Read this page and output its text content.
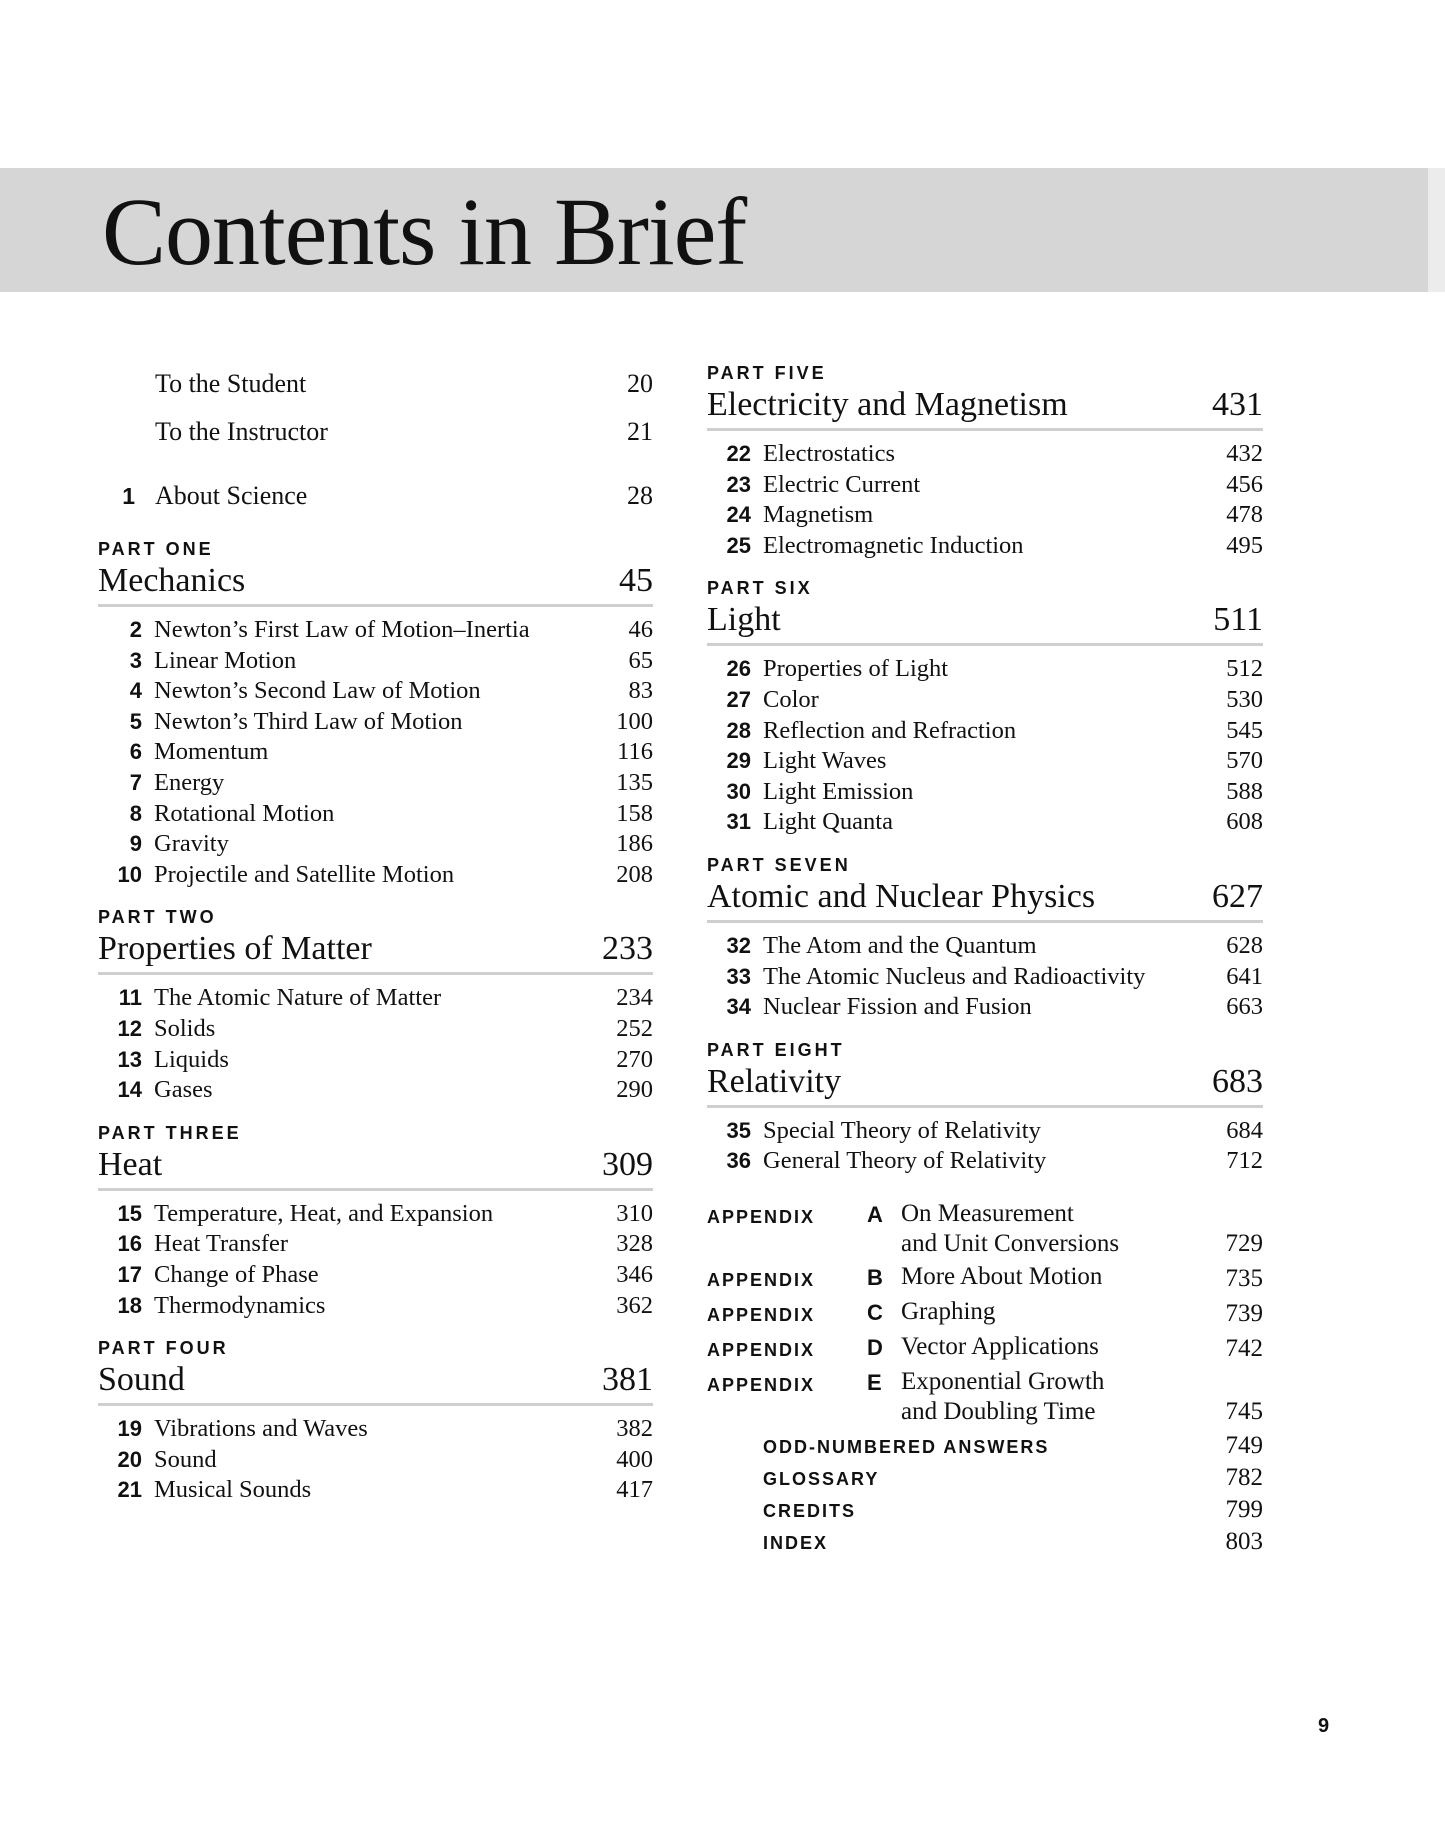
Contents in Brief
To the Student	20
To the Instructor	21
1 About Science	28
PART ONE
Mechanics	45
2 Newton’s First Law of Motion–Inertia	46
3 Linear Motion	65
4 Newton’s Second Law of Motion	83
5 Newton’s Third Law of Motion	100
6 Momentum	116
7 Energy	135
8 Rotational Motion	158
9 Gravity	186
10 Projectile and Satellite Motion	208
PART TWO
Properties of Matter	233
11 The Atomic Nature of Matter	234
12 Solids	252
13 Liquids	270
14 Gases	290
PART THREE
Heat	309
15 Temperature, Heat, and Expansion	310
16 Heat Transfer	328
17 Change of Phase	346
18 Thermodynamics	362
PART FOUR
Sound	381
19 Vibrations and Waves	382
20 Sound	400
21 Musical Sounds	417
PART FIVE
Electricity and Magnetism	431
22 Electrostatics	432
23 Electric Current	456
24 Magnetism	478
25 Electromagnetic Induction	495
PART SIX
Light	511
26 Properties of Light	512
27 Color	530
28 Reflection and Refraction	545
29 Light Waves	570
30 Light Emission	588
31 Light Quanta	608
PART SEVEN
Atomic and Nuclear Physics	627
32 The Atom and the Quantum	628
33 The Atomic Nucleus and Radioactivity	641
34 Nuclear Fission and Fusion	663
PART EIGHT
Relativity	683
35 Special Theory of Relativity	684
36 General Theory of Relativity	712
APPENDIX	A On Measurement
and Unit Conversions	729
APPENDIX	B More About Motion	735
APPENDIX	C Graphing	739
APPENDIX	D Vector Applications	742
APPENDIX	E Exponential Growth
and Doubling Time	745
ODD-NUMBERED ANSWERS	749
GLOSSARY	782
CREDITS	799
INDEX	803
9
